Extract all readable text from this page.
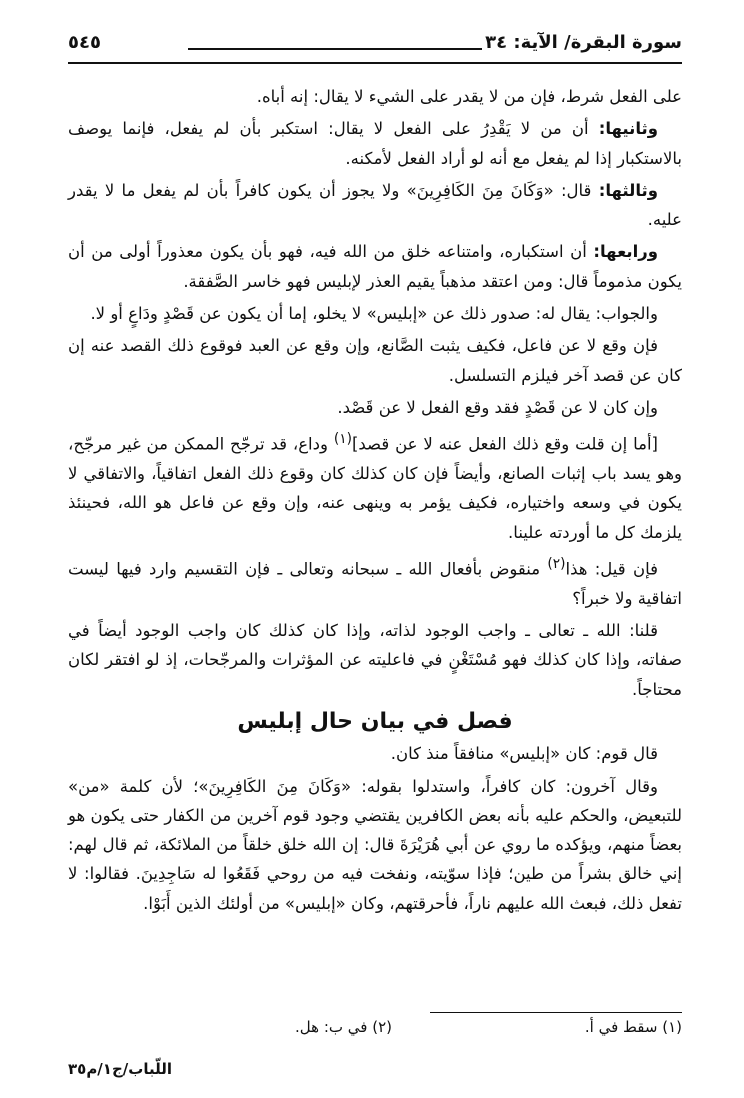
سورة البقرة/ الآية: ٣٤
٥٤٥

على الفعل شرط، فإن من لا يقدر على الشيء لا يقال: إنه أباه.

وثانيها: أن من لا يَقْدِرُ على الفعل لا يقال: استكبر بأن لم يفعل، فإنما يوصف بالاستكبار إذا لم يفعل مع أنه لو أراد الفعل لأمكنه.

وثالثها: قال: «وَكَانَ مِنَ الكَافِرِينَ» ولا يجوز أن يكون كافراً بأن لم يفعل ما لا يقدر عليه.

ورابعها: أن استكباره، وامتناعه خلق من الله فيه، فهو بأن يكون معذوراً أولى من أن يكون مذموماً قال: ومن اعتقد مذهباً يقيم العذر لإبليس فهو خاسر الصَّفقة.

والجواب: يقال له: صدور ذلك عن «إبليس» لا يخلو، إما أن يكون عن قَصْدٍ ودَاعٍ أو لا.

فإن وقع لا عن فاعل، فكيف يثبت الصَّانع، وإن وقع عن العبد فوقوع ذلك القصد عنه إن كان عن قصد آخر فيلزم التسلسل.

وإن كان لا عن قَصْدٍ فقد وقع الفعل لا عن قَصْد.

[أما إن قلت وقع ذلك الفعل عنه لا عن قصد]$^{(١)}$ وداع، قد ترجّح الممكن من غير مرجّح، وهو يسد باب إثبات الصانع، وأيضاً فإن كان كذلك كان وقوع ذلك الفعل اتفاقياً، والاتفاقي لا يكون في وسعه واختياره، فكيف يؤمر به وينهى عنه، وإن وقع عن فاعل هو الله، فحينئذ يلزمك كل ما أوردته علينا.

فإن قيل: هذا$^{(٢)}$ منقوض بأفعال الله ـ سبحانه وتعالى ـ فإن التقسيم وارد فيها ليست اتفاقية ولا خبراً؟

قلنا: الله ـ تعالى ـ واجب الوجود لذاته، وإذا كان كذلك كان واجب الوجود أيضاً في صفاته، وإذا كان كذلك فهو مُسْتَغْنٍ في فاعليته عن المؤثرات والمرجّحات، إذ لو افتقر لكان محتاجاً.

فصل في بيان حال إبليس

قال قوم: كان «إبليس» منافقاً منذ كان.

وقال آخرون: كان كافراً، واستدلوا بقوله: «وَكَانَ مِنَ الكَافِرِينَ»؛ لأن كلمة «من» للتبعيض، والحكم عليه بأنه بعض الكافرين يقتضي وجود قوم آخرين من الكفار حتى يكون هو بعضاً منهم، ويؤكده ما روي عن أبي هُرَيْرَةَ قال: إن الله خلق خلقاً من الملائكة، ثم قال لهم: إني خالق بشراً من طين؛ فإذا سوّيته، ونفخت فيه من روحي فَقَعُوا له سَاجِدِينَ. فقالوا: لا تفعل ذلك، فبعث الله عليهم ناراً، فأحرقتهم، وكان «إبليس» من أولئك الذين أَبَوْا.

(١) سقط في أ.
(٢) في ب: هل.
اللّباب/ج١/م٣٥
